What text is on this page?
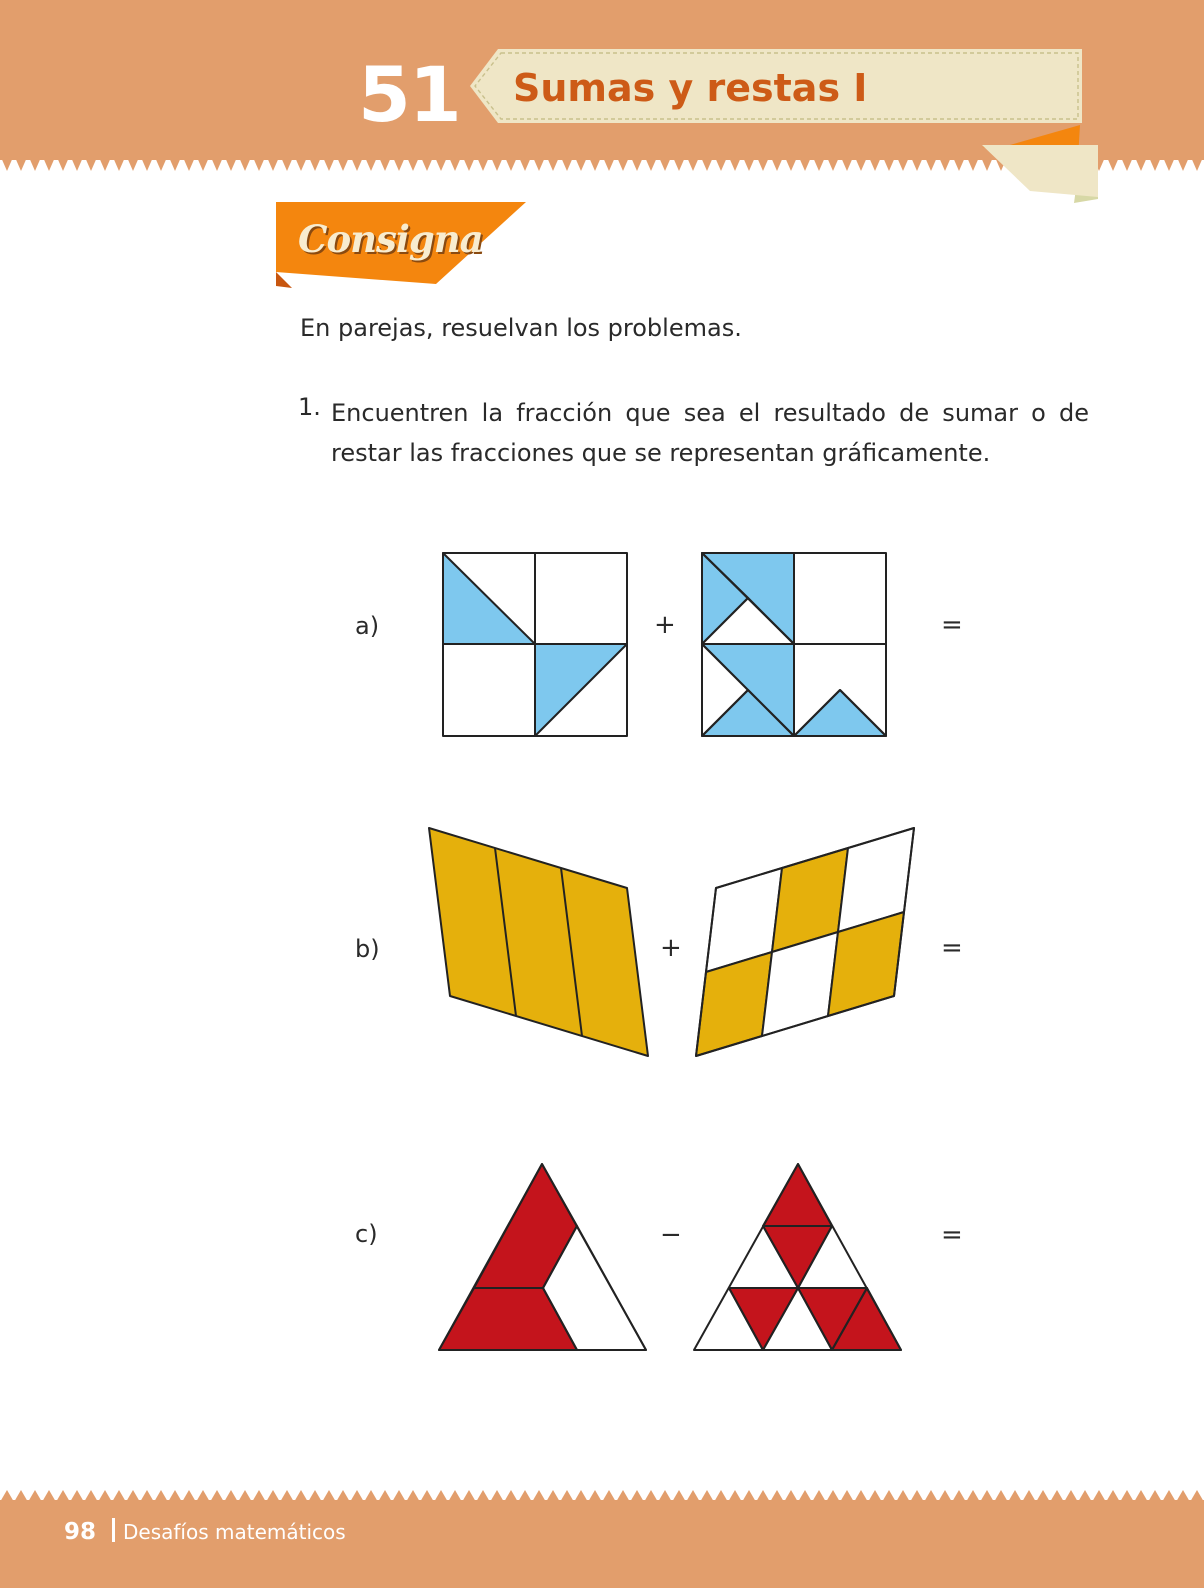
51 Sumas y restas I
Consigna
En parejas, resuelvan los problemas.
1. Encuentren la fracción que sea el resultado de sumar o de restar las fracciones que se representan gráficamente.
a)	+	=
b)	+	=
c)	−	=
98 Desafíos matemáticos
